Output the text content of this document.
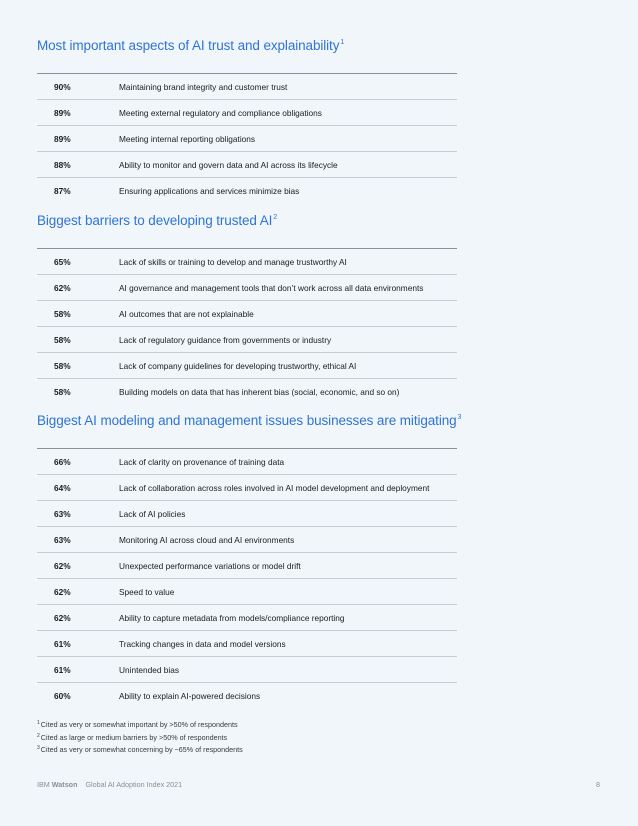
Most important aspects of AI trust and explainability$^1$
90%	Maintaining brand integrity and customer trust
89%	Meeting external regulatory and compliance obligations
89%	Meeting internal reporting obligations
88%	Ability to monitor and govern data and AI across its lifecycle
87%	Ensuring applications and services minimize bias
Biggest barriers to developing trusted $AI^2$
65%	Lack of skills or training to develop and manage trustworthy AI
62%	AI governance and management tools that don’t work across all data environments
58%	AI outcomes that are not explainable
58%	Lack of regulatory guidance from governments or industry
58%	Lack of company guidelines for developing trustworthy, ethical AI
58%	Building models on data that has inherent bias (social, economic, and so on)
Biggest AI modeling and management issues businesses are mitigating$^3$
66%	Lack of clarity on provenance of training data
64%	Lack of collaboration across roles involved in AI model development and deployment
63%	Lack of AI policies
63%	Monitoring AI across cloud and AI environments
62%	Unexpected performance variations or model drift
62%	Speed to value
62%	Ability to capture metadata from models/compliance reporting
61%	Tracking changes in data and model versions
61%	Unintended bias
60%	Ability to explain AI-powered decisions
$^1$Cited as very or somewhat important by >50% of respondents
$^2$Cited as large or medium barriers by >50% of respondents
$^3$Cited as very or somewhat concerning by ~65% of respondents
IBM Watson Global AI Adoption Index 2021	8
